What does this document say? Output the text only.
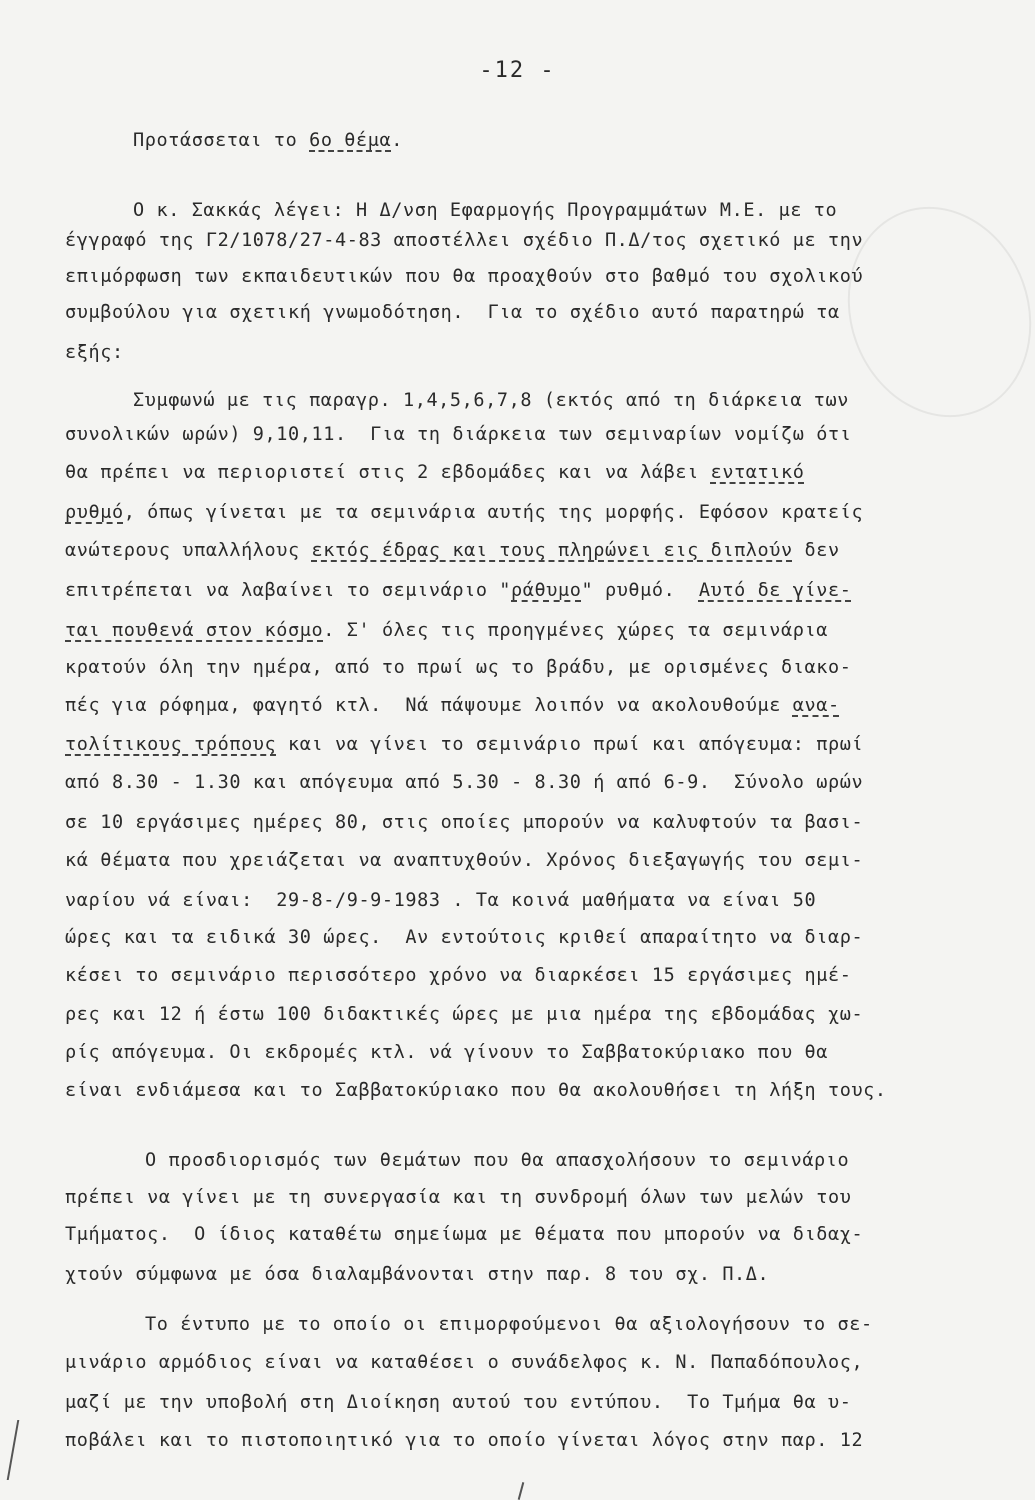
-12 -
Προτάσσεται το 6ο θέμα.
Ο κ. Σακκάς λέγει: Η Δ/νση Εφαρμογής Προγραμμάτων Μ.Ε. με το
έγγραφό της Γ2/1078/27-4-83 αποστέλλει σχέδιο Π.Δ/τος σχετικό με την
επιμόρφωση των εκπαιδευτικών που θα προαχθούν στο βαθμό του σχολικού
συμβούλου για σχετική γνωμοδότηση.  Για το σχέδιο αυτό παρατηρώ τα
εξής:
Συμφωνώ με τις παραγρ. 1,4,5,6,7,8 (εκτός από τη διάρκεια των
συνολικών ωρών) 9,10,11.  Για τη διάρκεια των σεμιναρίων νομίζω ότι
θα πρέπει να περιοριστεί στις 2 εβδομάδες και να λάβει εντατικό
ρυθμό, όπως γίνεται με τα σεμινάρια αυτής της μορφής. Εφόσον κρατείς
ανώτερους υπαλλήλους εκτός έδρας και τους πληρώνει εις διπλούν δεν
επιτρέπεται να λαβαίνει το σεμινάριο "ράθυμο" ρυθμό.  Αυτό δε γίνε-
ται πουθενά στον κόσμο. Σ' όλες τις προηγμένες χώρες τα σεμινάρια
κρατούν όλη την ημέρα, από το πρωί ως το βράδυ, με ορισμένες διακο-
πές για ρόφημα, φαγητό κτλ.  Νά πάψουμε λοιπόν να ακολουθούμε ανα-
τολίτικους τρόπους και να γίνει το σεμινάριο πρωί και απόγευμα: πρωί
από 8.30 - 1.30 και απόγευμα από 5.30 - 8.30 ή από 6-9.  Σύνολο ωρών
σε 10 εργάσιμες ημέρες 80, στις οποίες μπορούν να καλυφτούν τα βασι-
κά θέματα που χρειάζεται να αναπτυχθούν. Χρόνος διεξαγωγής του σεμι-
ναρίου νά είναι:  29-8-/9-9-1983 . Τα κοινά μαθήματα να είναι 50
ώρες και τα ειδικά 30 ώρες.  Αν εντούτοις κριθεί απαραίτητο να διαρ-
κέσει το σεμινάριο περισσότερο χρόνο να διαρκέσει 15 εργάσιμες ημέ-
ρες και 12 ή έστω 100 διδακτικές ώρες με μια ημέρα της εβδομάδας χω-
ρίς απόγευμα. Οι εκδρομές κτλ. νά γίνουν το Σαββατοκύριακο που θα
είναι ενδιάμεσα και το Σαββατοκύριακο που θα ακολουθήσει τη λήξη τους.
Ο προσδιορισμός των θεμάτων που θα απασχολήσουν το σεμινάριο
πρέπει να γίνει με τη συνεργασία και τη συνδρομή όλων των μελών του
Τμήματος.  Ο ίδιος καταθέτω σημείωμα με θέματα που μπορούν να διδαχ-
χτούν σύμφωνα με όσα διαλαμβάνονται στην παρ. 8 του σχ. Π.Δ.
Το έντυπο με το οποίο οι επιμορφούμενοι θα αξιολογήσουν το σε-
μινάριο αρμόδιος είναι να καταθέσει ο συνάδελφος κ. Ν. Παπαδόπουλος,
μαζί με την υποβολή στη Διοίκηση αυτού του εντύπου.  Το Τμήμα θα υ-
ποβάλει και το πιστοποιητικό για το οποίο γίνεται λόγος στην παρ. 12
